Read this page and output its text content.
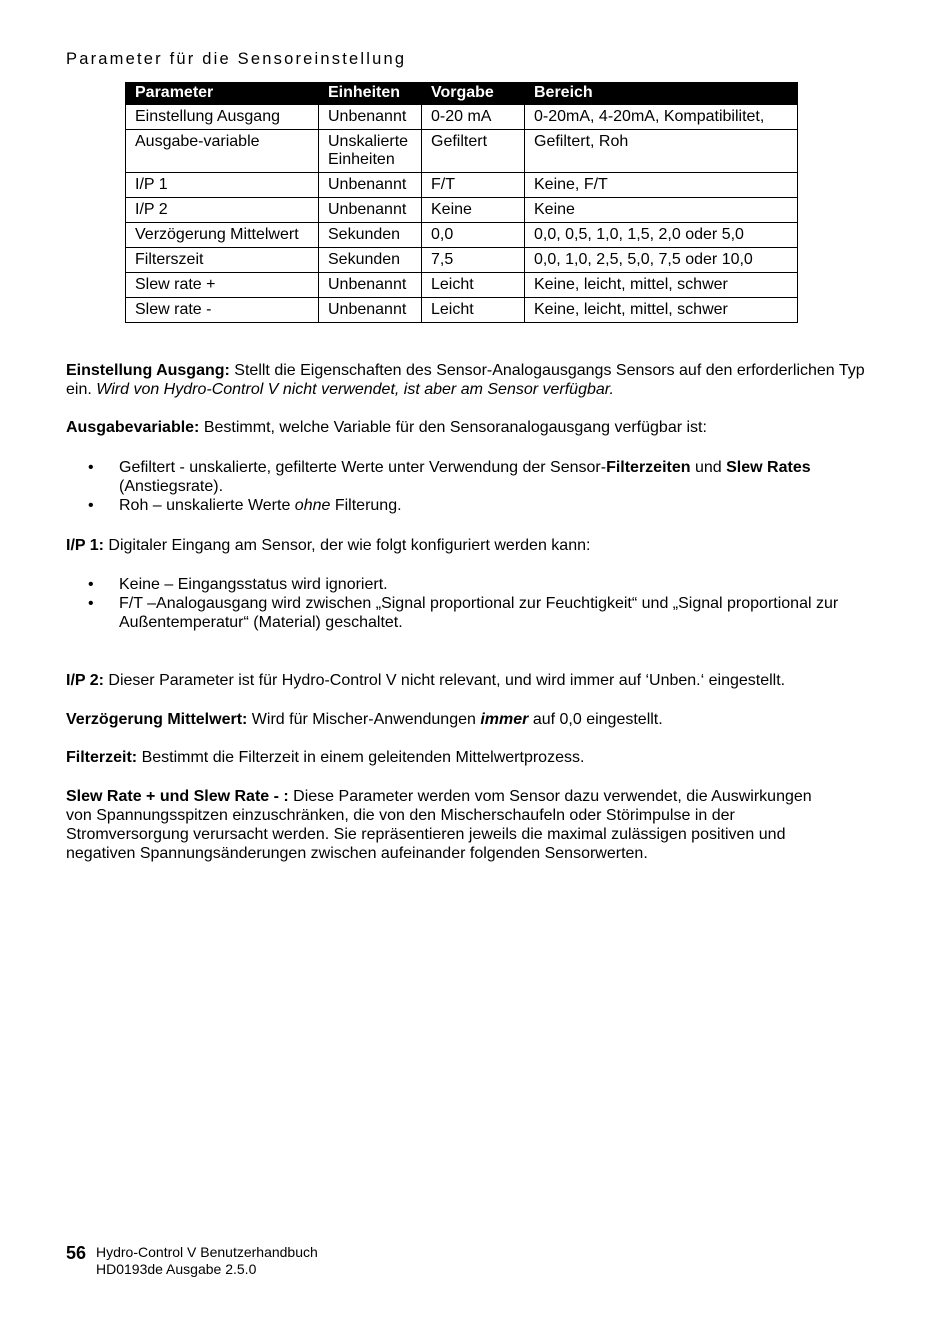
Parameter für die Sensoreinstellung
Parameter	Einheiten	Vorgabe	Bereich
Einstellung Ausgang	Unbenannt	0-20 mA	0-20mA, 4-20mA, Kompatibilitet,
Ausgabe-variable	Unskalierte Einheiten	Gefiltert	Gefiltert, Roh
I/P 1	Unbenannt	F/T	Keine, F/T
I/P 2	Unbenannt	Keine	Keine
Verzögerung Mittelwert	Sekunden	0,0	0,0, 0,5, 1,0, 1,5, 2,0 oder 5,0
Filterszeit	Sekunden	7,5	0,0, 1,0, 2,5, 5,0, 7,5 oder 10,0
Slew rate +	Unbenannt	Leicht	Keine, leicht, mittel, schwer
Slew rate -	Unbenannt	Leicht	Keine, leicht, mittel, schwer

Einstellung Ausgang: Stellt die Eigenschaften des Sensor-Analogausgangs Sensors auf den erforderlichen Typ ein. Wird von Hydro-Control V nicht verwendet, ist aber am Sensor verfügbar.

Ausgabevariable: Bestimmt, welche Variable für den Sensoranalogausgang verfügbar ist:

• Gefiltert - unskalierte, gefilterte Werte unter Verwendung der Sensor-Filterzeiten und Slew Rates (Anstiegsrate).
• Roh – unskalierte Werte ohne Filterung.

I/P 1: Digitaler Eingang am Sensor, der wie folgt konfiguriert werden kann:

• Keine – Eingangsstatus wird ignoriert.
• F/T –Analogausgang wird zwischen „Signal proportional zur Feuchtigkeit“ und „Signal proportional zur Außentemperatur“ (Material) geschaltet.

I/P 2: Dieser Parameter ist für Hydro-Control V nicht relevant, und wird immer auf ‘Unben.‘ eingestellt.

Verzögerung Mittelwert: Wird für Mischer-Anwendungen immer auf 0,0 eingestellt.

Filterzeit: Bestimmt die Filterzeit in einem geleitenden Mittelwertprozess.

Slew Rate + und Slew Rate - : Diese Parameter werden vom Sensor dazu verwendet, die Auswirkungen
von Spannungsspitzen einzuschränken, die von den Mischerschaufeln oder Störimpulse in der
Stromversorgung verursacht werden. Sie repräsentieren jeweils die maximal zulässigen positiven und
negativen Spannungsänderungen zwischen aufeinander folgenden Sensorwerten.

56 Hydro-Control V Benutzerhandbuch
HD0193de Ausgabe 2.5.0
